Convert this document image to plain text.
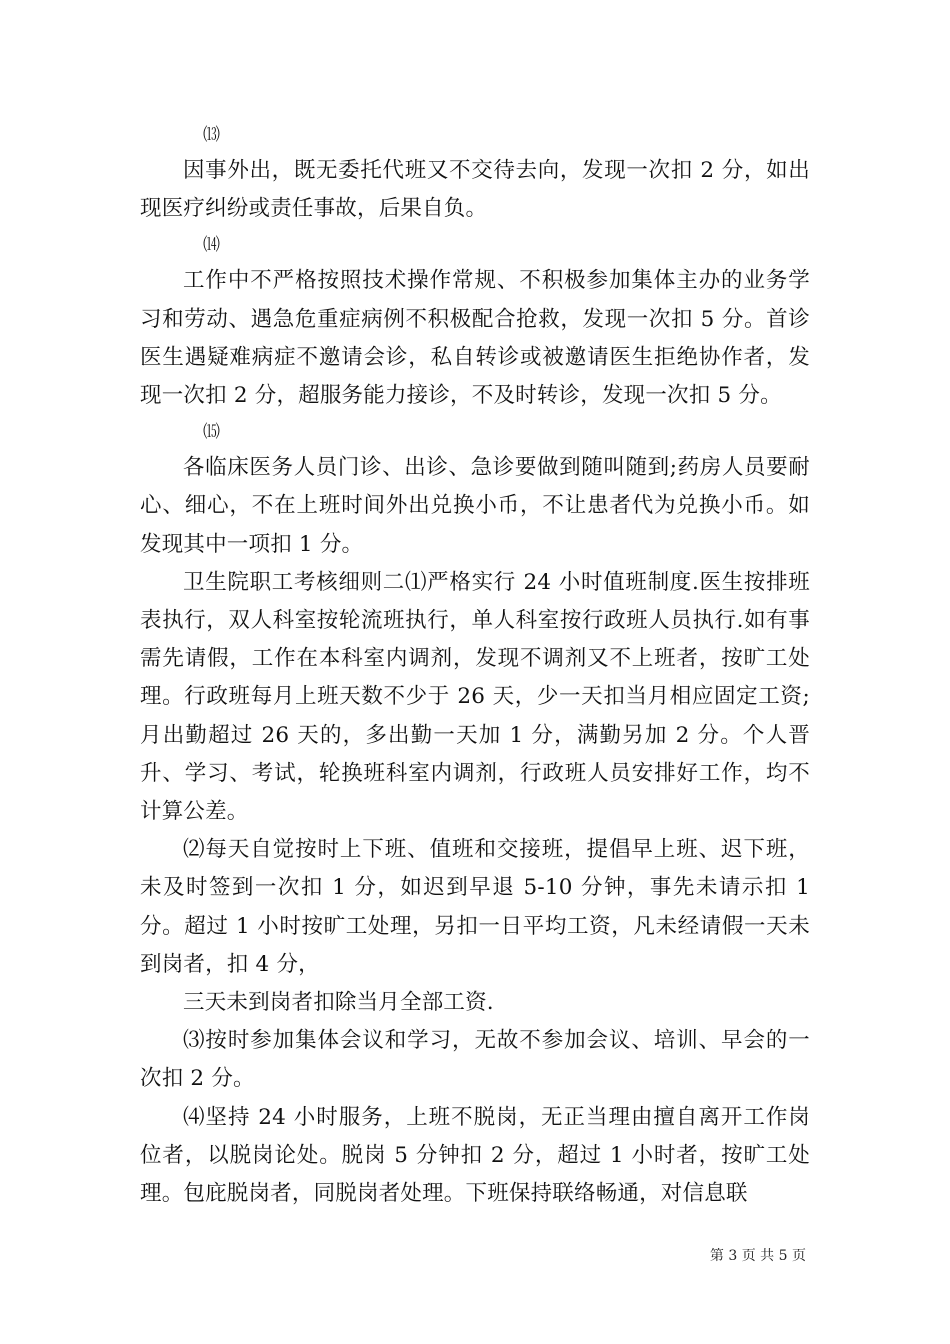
⒀

因事外出，既无委托代班又不交待去向，发现一次扣 2 分，如出现医疗纠纷或责任事故，后果自负。

⒁

工作中不严格按照技术操作常规、不积极参加集体主办的业务学习和劳动、遇急危重症病例不积极配合抢救，发现一次扣 5 分。首诊医生遇疑难病症不邀请会诊，私自转诊或被邀请医生拒绝协作者，发现一次扣 2 分，超服务能力接诊，不及时转诊，发现一次扣 5 分。

⒂

各临床医务人员门诊、出诊、急诊要做到随叫随到;药房人员要耐心、细心，不在上班时间外出兑换小币，不让患者代为兑换小币。如发现其中一项扣 1 分。

卫生院职工考核细则二⑴严格实行 24 小时值班制度.医生按排班表执行，双人科室按轮流班执行，单人科室按行政班人员执行.如有事需先请假，工作在本科室内调剂，发现不调剂又不上班者，按旷工处理。行政班每月上班天数不少于 26 天，少一天扣当月相应固定工资;月出勤超过 26 天的，多出勤一天加 1 分，满勤另加 2 分。个人晋升、学习、考试，轮换班科室内调剂，行政班人员安排好工作，均不计算公差。

⑵每天自觉按时上下班、值班和交接班，提倡早上班、迟下班，未及时签到一次扣 1 分，如迟到早退 5-10 分钟，事先未请示扣 1 分。超过 1 小时按旷工处理，另扣一日平均工资，凡未经请假一天未到岗者，扣 4 分，

三天未到岗者扣除当月全部工资.

⑶按时参加集体会议和学习，无故不参加会议、培训、早会的一次扣 2 分。

⑷坚持 24 小时服务，上班不脱岗，无正当理由擅自离开工作岗位者，以脱岗论处。脱岗 5 分钟扣 2 分，超过 1 小时者，按旷工处理。包庇脱岗者，同脱岗者处理。下班保持联络畅通，对信息联

第 3 页 共 5 页
